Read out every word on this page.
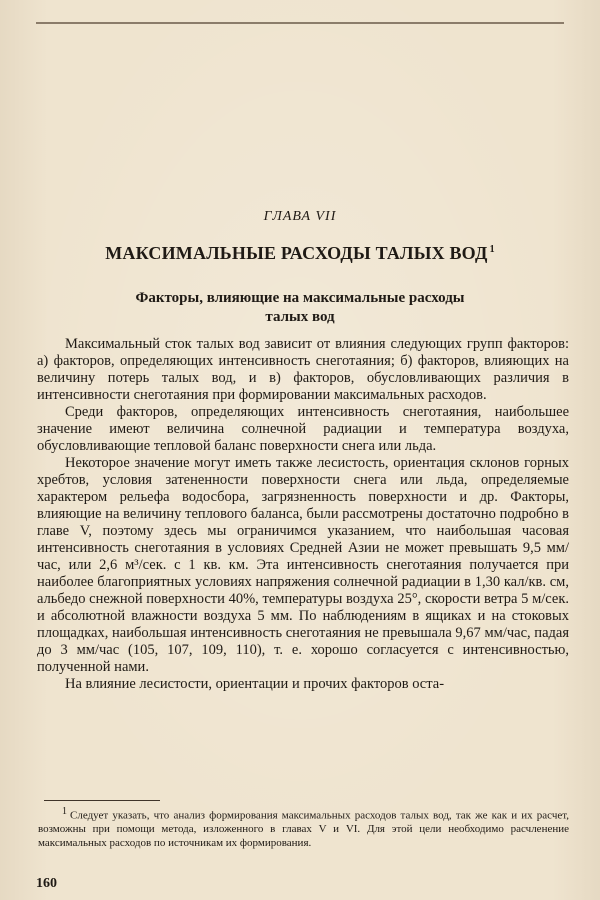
ГЛАВА VII
МАКСИМАЛЬНЫЕ РАСХОДЫ ТАЛЫХ ВОД $^1$
Факторы, влияющие на максимальные расходы
талых вод

Максимальный сток талых вод зависит от влияния следующих групп факторов: а) факторов, определяющих интенсивность снеготаяния; б) факторов, влияющих на величину потерь талых вод, и в) факторов, обусловливающих различия в интенсивности снеготаяния при формировании максимальных расходов.

Среди факторов, определяющих интенсивность снеготаяния, наибольшее значение имеют величина солнечной радиации и температура воздуха, обусловливающие тепловой баланс поверхности снега или льда.

Некоторое значение могут иметь также лесистость, ориентация склонов горных хребтов, условия затененности поверхности снега или льда, определяемые характером рельефа водосбора, загрязненность поверхности и др. Факторы, влияющие на величину теплового баланса, были рассмотрены достаточно подробно в главе V, поэтому здесь мы ограничимся указанием, что наибольшая часовая интенсивность снеготаяния в условиях Средней Азии не может превышать 9,5 мм/час, или 2,6 м³/сек. с 1 кв. км. Эта интенсивность снеготаяния получается при наиболее благоприятных условиях напряжения солнечной радиации в 1,30 кал/кв. см, альбедо снежной поверхности 40%, температуры воздуха 25°, скорости ветра 5 м/сек. и абсолютной влажности воздуха 5 мм. По наблюдениям в ящиках и на стоковых площадках, наибольшая интенсивность снеготаяния не превышала 9,67 мм/час, падая до 3 мм/час (105, 107, 109, 110), т. е. хорошо согласуется с интенсивностью, полученной нами.

На влияние лесистости, ориентации и прочих факторов оста-

1 Следует указать, что анализ формирования максимальных расходов талых вод, так же как и их расчет, возможны при помощи метода, изложенного в главах V и VI. Для этой цели необходимо расчленение максимальных расходов по источникам их формирования.
160
